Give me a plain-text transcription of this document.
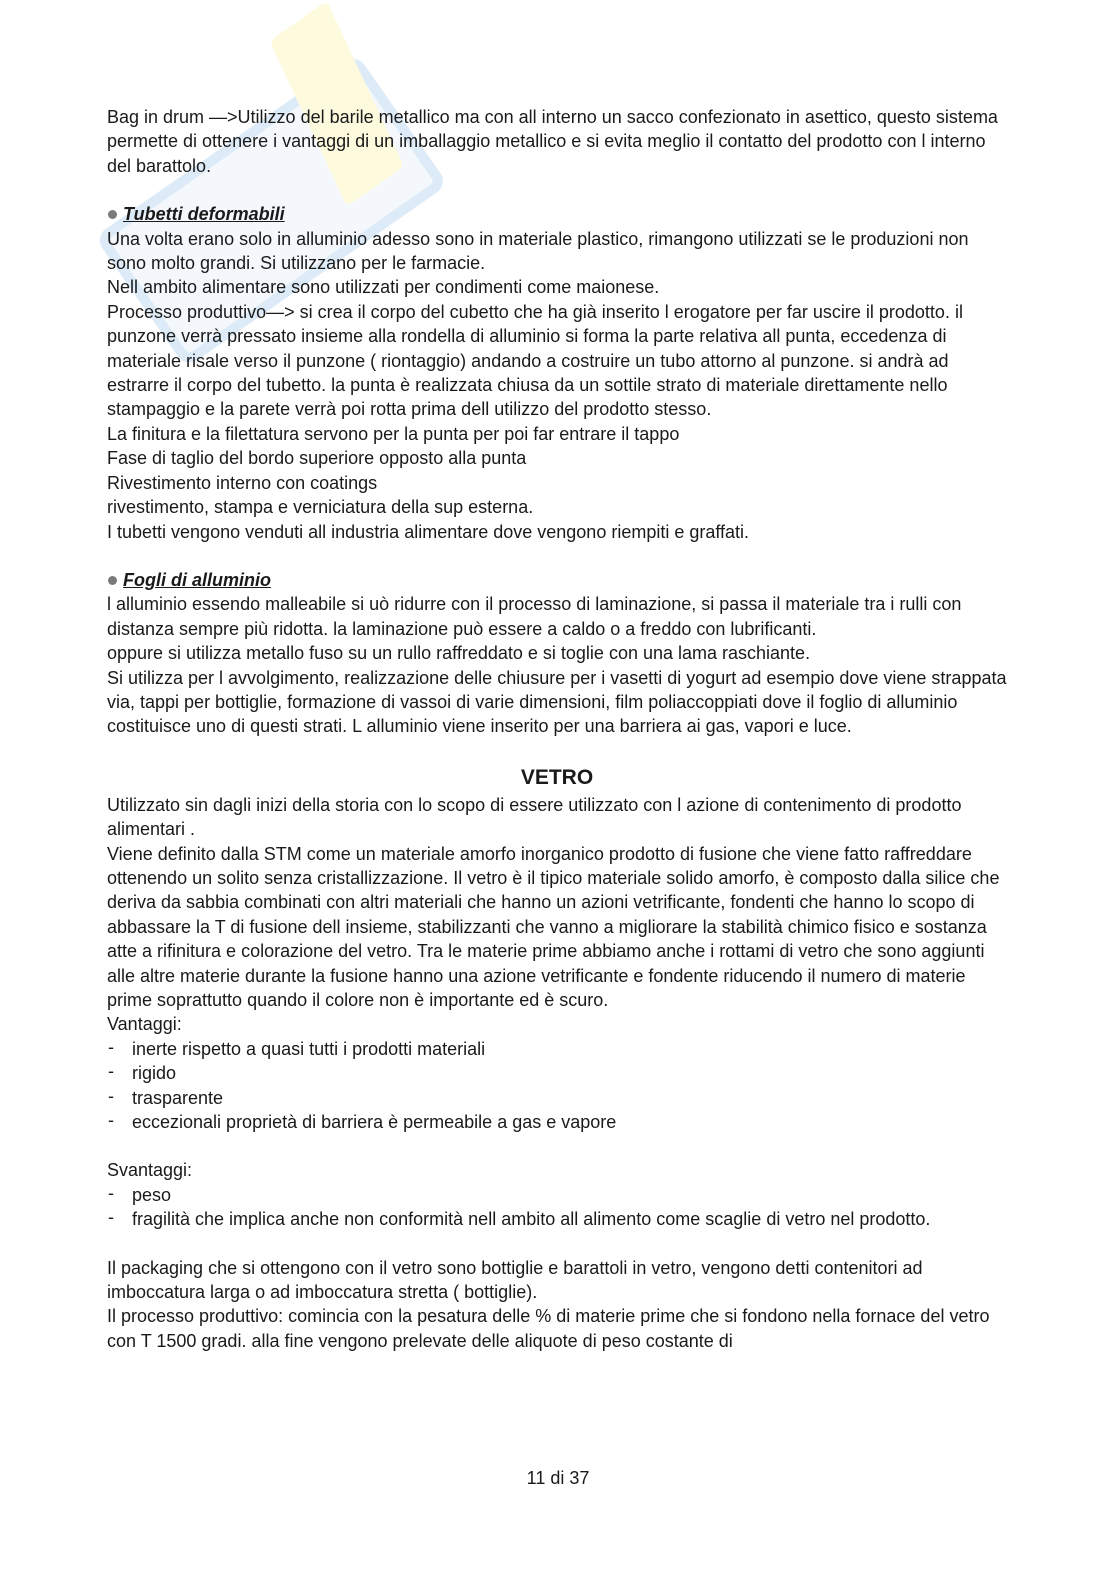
Bag in drum —>Utilizzo del barile metallico ma con all interno un sacco confezionato in asettico, questo sistema permette di ottenere i vantaggi di un imballaggio metallico e si evita meglio il contatto del prodotto con l interno del barattolo.

Tubetti deformabili

Una volta erano solo in alluminio adesso sono in materiale plastico, rimangono utilizzati se le produzioni non sono molto grandi. Si utilizzano per le farmacie.

Nell ambito alimentare sono utilizzati per condimenti come maionese.

Processo produttivo—> si crea il corpo del cubetto che ha già inserito l erogatore per far uscire il prodotto. il punzone verrà pressato insieme alla rondella di alluminio si forma la parte relativa all punta, eccedenza di materiale risale verso il punzone ( riontaggio) andando a costruire un tubo attorno al punzone. si andrà ad estrarre il corpo del tubetto. la punta è realizzata chiusa da un sottile strato di materiale direttamente nello stampaggio e la parete verrà poi rotta prima dell utilizzo del prodotto stesso.

La finitura e la filettatura servono per la punta per poi far entrare il tappo

Fase di taglio del bordo superiore opposto alla punta

Rivestimento interno con coatings

rivestimento, stampa e verniciatura della sup esterna.

I tubetti vengono venduti all industria alimentare dove vengono riempiti e graffati.

Fogli di alluminio

l alluminio essendo malleabile si uò ridurre con il processo di laminazione, si passa il materiale tra i rulli con distanza sempre più ridotta. la laminazione può essere a caldo o a freddo con lubrificanti.

oppure si utilizza metallo fuso su un rullo raffreddato e si toglie con una lama raschiante.

Si utilizza per l avvolgimento, realizzazione delle chiusure per i vasetti di yogurt ad esempio dove viene strappata via, tappi per bottiglie, formazione di vassoi di varie dimensioni, film poliaccoppiati dove il foglio di alluminio costituisce uno di questi strati. L alluminio viene inserito per una barriera ai gas, vapori e luce.

VETRO

Utilizzato sin dagli inizi della storia con lo scopo di essere utilizzato con l azione di contenimento di prodotto alimentari .

Viene definito dalla STM come un materiale amorfo inorganico prodotto di fusione che viene fatto raffreddare ottenendo un solito senza cristallizzazione. Il vetro è il tipico materiale solido amorfo, è composto dalla silice che deriva da sabbia combinati con altri materiali che hanno un azioni vetrificante, fondenti che hanno lo scopo di abbassare la T di fusione dell insieme, stabilizzanti che vanno a migliorare la stabilità chimico fisico e sostanza atte a rifinitura e colorazione del vetro. Tra le materie prime abbiamo anche i rottami di vetro che sono aggiunti alle altre materie durante la fusione hanno una azione vetrificante e fondente riducendo il numero di materie prime soprattutto quando il colore non è importante ed è scuro.

Vantaggi:

- inerte rispetto a quasi tutti i prodotti materiali
- rigido
- trasparente
- eccezionali proprietà di barriera è permeabile a gas e vapore

Svantaggi:

- peso
- fragilità che implica anche non conformità nell ambito all alimento come scaglie di vetro nel prodotto.

Il packaging che si ottengono con il vetro sono bottiglie e barattoli in vetro, vengono detti contenitori ad imboccatura larga o ad imboccatura stretta ( bottiglie).

Il processo produttivo: comincia con la pesatura delle % di materie prime che si fondono nella fornace del vetro con T 1500 gradi. alla fine vengono prelevate delle aliquote di peso costante di

11 di 37
